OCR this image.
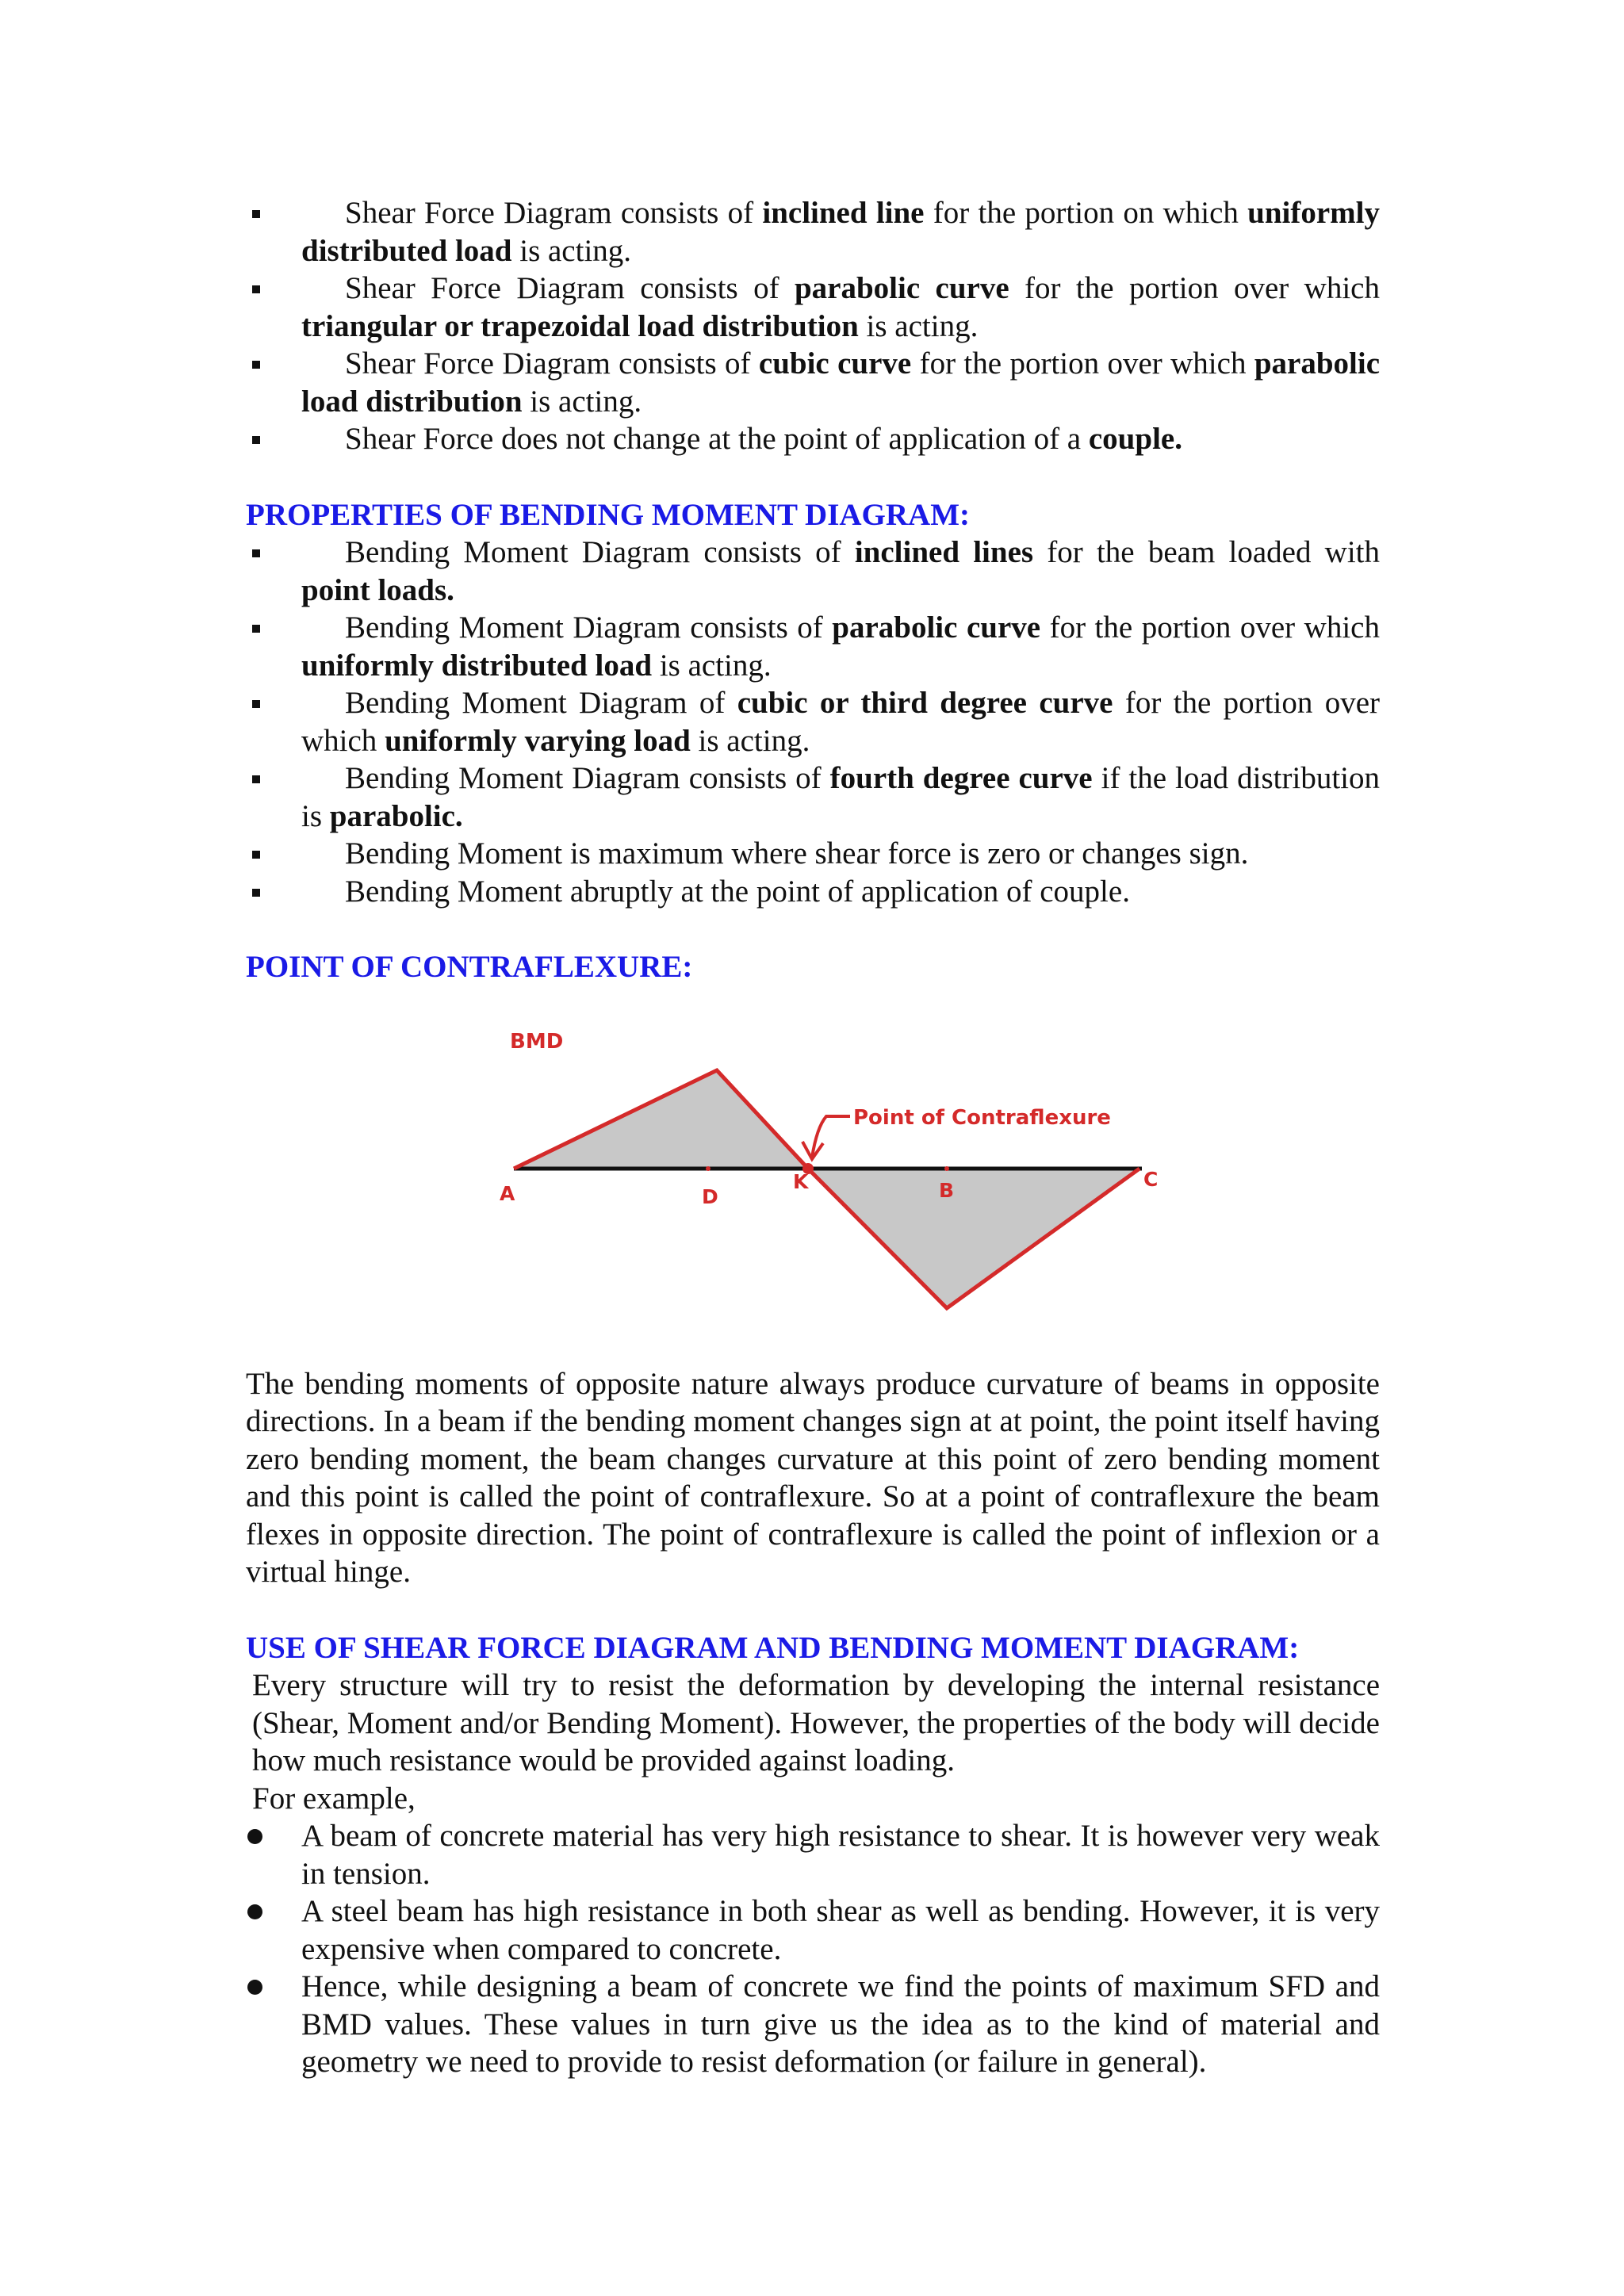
Shear Force Diagram consists of inclined line for the portion on which uniformly distributed load is acting.
Shear Force Diagram consists of parabolic curve for the portion over which triangular or trapezoidal load distribution is acting.
Shear Force Diagram consists of cubic curve for the portion over which parabolic load distribution is acting.
Shear Force does not change at the point of application of a couple.
PROPERTIES OF BENDING MOMENT DIAGRAM:
Bending Moment Diagram consists of inclined lines for the beam loaded with point loads.
Bending Moment Diagram consists of parabolic curve for the portion over which uniformly distributed load is acting.
Bending Moment Diagram of cubic or third degree curve for the portion over which uniformly varying load is acting.
Bending Moment Diagram consists of fourth degree curve if the load distribution is parabolic.
Bending Moment is maximum where shear force is zero or changes sign.
Bending Moment abruptly at the point of application of couple.
POINT OF CONTRAFLEXURE:
BMD
Point of Contraflexure
A	D
K	B	C

The bending moments of opposite nature always produce curvature of beams in opposite directions. In a beam if the bending moment changes sign at at point, the point itself having zero bending moment, the beam changes curvature at this point of zero bending moment and this point is called the point of contraflexure. So at a point of contraflexure the beam flexes in opposite direction. The point of contraflexure is called the point of inflexion or a virtual hinge.

USE OF SHEAR FORCE DIAGRAM AND BENDING MOMENT DIAGRAM:

Every structure will try to resist the deformation by developing the internal resistance (Shear, Moment and/or Bending Moment). However, the properties of the body will decide how much resistance would be provided against loading.

For example,

A beam of concrete material has very high resistance to shear. It is however very weak in tension.
A steel beam has high resistance in both shear as well as bending. However, it is very expensive when compared to concrete.
Hence, while designing a beam of concrete we find the points of maximum SFD and BMD values. These values in turn give us the idea as to the kind of material and geometry we need to provide to resist deformation (or failure in general).
